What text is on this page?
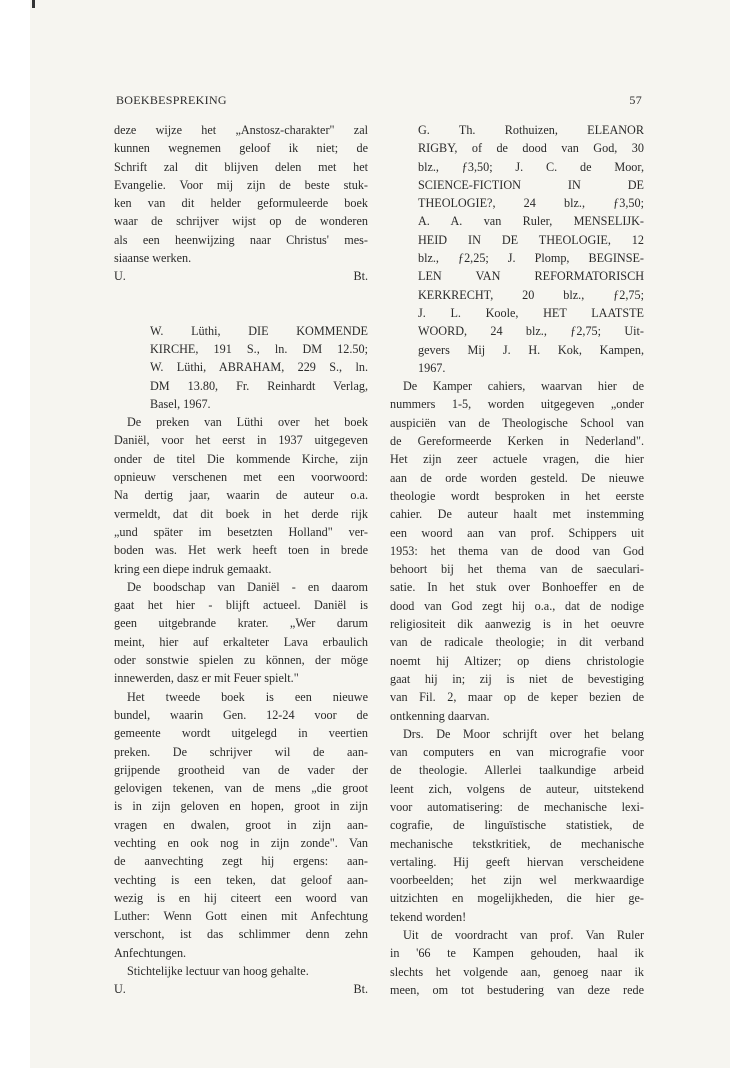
BOEKBESPREKING	57
deze wijze het „Anstosz-charakter" zal
kunnen wegnemen geloof ik niet; de
Schrift zal dit blijven delen met het
Evangelie. Voor mij zijn de beste stuk-
ken van dit helder geformuleerde boek
waar de schrijver wijst op de wonderen
als een heenwijzing naar Christus' mes-
siaanse werken.
U.	Bt.
W. Lüthi, DIE KOMMENDE
KIRCHE, 191 S., ln. DM 12.50;
W. Lüthi, ABRAHAM, 229 S., ln.
DM 13.80, Fr. Reinhardt Verlag,
Basel, 1967.
De preken van Lüthi over het boek
Daniël, voor het eerst in 1937 uitgegeven
onder de titel Die kommende Kirche, zijn
opnieuw verschenen met een voorwoord:
Na dertig jaar, waarin de auteur o.a.
vermeldt, dat dit boek in het derde rijk
„und später im besetzten Holland" ver-
boden was. Het werk heeft toen in brede
kring een diepe indruk gemaakt.
De boodschap van Daniël - en daarom
gaat het hier - blijft actueel. Daniël is
geen uitgebrande krater. „Wer darum
meint, hier auf erkalteter Lava erbaulich
oder sonstwie spielen zu können, der möge
innewerden, dasz er mit Feuer spielt."
Het tweede boek is een nieuwe
bundel, waarin Gen. 12-24 voor de
gemeente wordt uitgelegd in veertien
preken. De schrijver wil de aan-
grijpende grootheid van de vader der
gelovigen tekenen, van de mens „die groot
is in zijn geloven en hopen, groot in zijn
vragen en dwalen, groot in zijn aan-
vechting en ook nog in zijn zonde". Van
de aanvechting zegt hij ergens: aan-
vechting is een teken, dat geloof aan-
wezig is en hij citeert een woord van
Luther: Wenn Gott einen mit Anfechtung
verschont, ist das schlimmer denn zehn
Anfechtungen.
Stichtelijke lectuur van hoog gehalte.
U.	Bt.
G. Th. Rothuizen, ELEANOR
RIGBY, of de dood van God, 30
blz., ƒ3,50; J. C. de Moor,
SCIENCE-FICTION IN DE
THEOLOGIE?, 24 blz., ƒ3,50;
A. A. van Ruler, MENSELIJK-
HEID IN DE THEOLOGIE, 12
blz., ƒ2,25; J. Plomp, BEGINSE-
LEN VAN REFORMATORISCH
KERKRECHT, 20 blz., ƒ2,75;
J. L. Koole, HET LAATSTE
WOORD, 24 blz., ƒ2,75; Uit-
gevers Mij J. H. Kok, Kampen,
1967.
De Kamper cahiers, waarvan hier de
nummers 1-5, worden uitgegeven „onder
auspiciën van de Theologische School van
de Gereformeerde Kerken in Nederland".
Het zijn zeer actuele vragen, die hier
aan de orde worden gesteld. De nieuwe
theologie wordt besproken in het eerste
cahier. De auteur haalt met instemming
een woord aan van prof. Schippers uit
1953: het thema van de dood van God
behoort bij het thema van de saeculari-
satie. In het stuk over Bonhoeffer en de
dood van God zegt hij o.a., dat de nodige
religiositeit dik aanwezig is in het oeuvre
van de radicale theologie; in dit verband
noemt hij Altizer; op diens christologie
gaat hij in; zij is niet de bevestiging
van Fil. 2, maar op de keper bezien de
ontkenning daarvan.
Drs. De Moor schrijft over het belang
van computers en van micrografie voor
de theologie. Allerlei taalkundige arbeid
leent zich, volgens de auteur, uitstekend
voor automatisering: de mechanische lexi-
cografie, de linguïstische statistiek, de
mechanische tekstkritiek, de mechanische
vertaling. Hij geeft hiervan verscheidene
voorbeelden; het zijn wel merkwaardige
uitzichten en mogelijkheden, die hier ge-
tekend worden!
Uit de voordracht van prof. Van Ruler
in '66 te Kampen gehouden, haal ik
slechts het volgende aan, genoeg naar ik
meen, om tot bestudering van deze rede
